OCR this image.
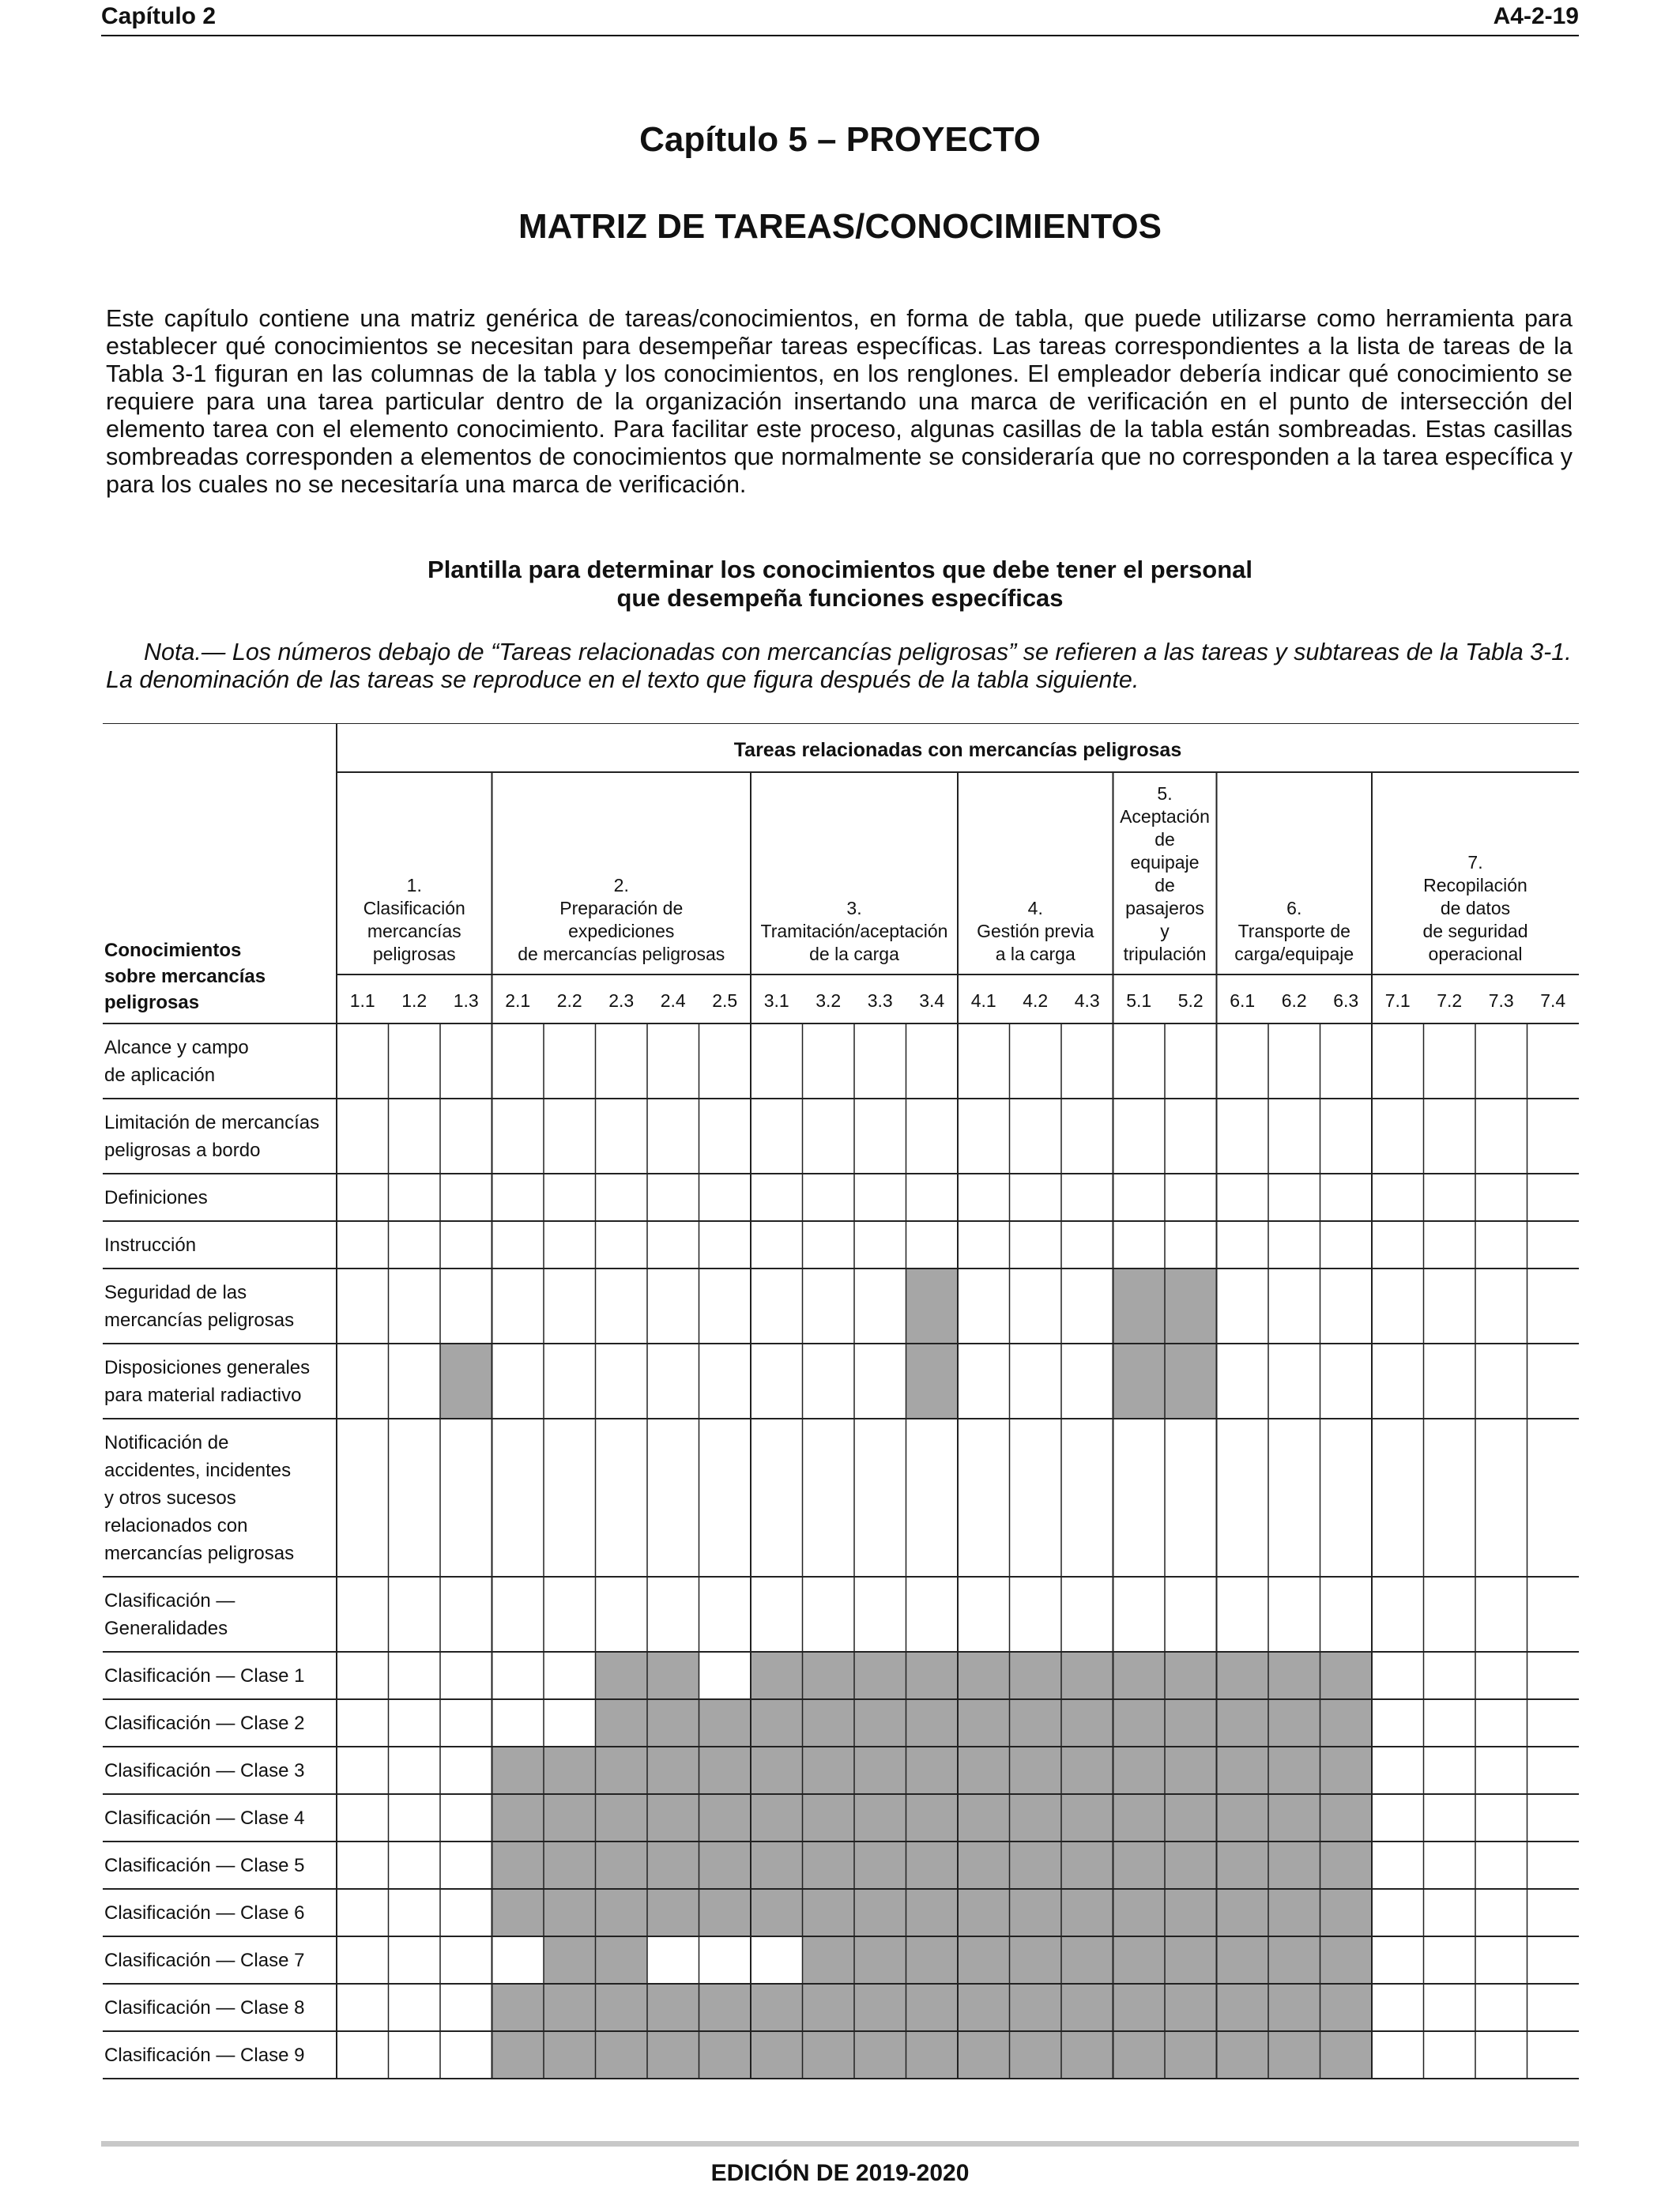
Capítulo 2	A4-2-19
Capítulo 5 – PROYECTO
MATRIZ DE TAREAS/CONOCIMIENTOS

Este capítulo contiene una matriz genérica de tareas/conocimientos, en forma de tabla, que puede utilizarse como herramienta para establecer qué conocimientos se necesitan para desempeñar tareas específicas. Las tareas correspondientes a la lista de tareas de la Tabla 3-1 figuran en las columnas de la tabla y los conocimientos, en los renglones. El empleador debería indicar qué conocimiento se requiere para una tarea particular dentro de la organización insertando una marca de verificación en el punto de intersección del elemento tarea con el elemento conocimiento. Para facilitar este proceso, algunas casillas de la tabla están sombreadas. Estas casillas sombreadas corresponden a elementos de conocimientos que normalmente se consideraría que no corresponden a la tarea específica y para los cuales no se necesitaría una marca de verificación.

Plantilla para determinar los conocimientos que debe tener el personal
que desempeña funciones específicas

Nota.— Los números debajo de “Tareas relacionadas con mercancías peligrosas” se refieren a las tareas y subtareas de la Tabla 3-1. La denominación de las tareas se reproduce en el texto que figura después de la tabla siguiente.

Tareas relacionadas con mercancías peligrosas
1.
Clasificación
mercancías
peligrosas
2.
Preparación de
expediciones
de mercancías peligrosas
3.
Tramitación/aceptación
de la carga
4.
Gestión previa
a la carga
5.
Aceptación
de
equipaje
de
pasajeros
y
tripulación
6.
Transporte de
carga/equipaje
7.
Recopilación
de datos
de seguridad
operacional
1.1 1.2 1.3 2.1 2.2 2.3 2.4 2.5 3.1 3.2 3.3 3.4 4.1 4.2 4.3 5.1 5.2 6.1 6.2 6.3 7.1 7.2 7.3 7.4
Conocimientos
sobre mercancías
peligrosas
Alcance y campo
de aplicación
Limitación de mercancías
peligrosas a bordo
Definiciones
Instrucción
Seguridad de las
mercancías peligrosas
Disposiciones generales
para material radiactivo
Notificación de
accidentes, incidentes
y otros sucesos
relacionados con
mercancías peligrosas
Clasificación —
Generalidades
Clasificación — Clase 1
Clasificación — Clase 2
Clasificación — Clase 3
Clasificación — Clase 4
Clasificación — Clase 5
Clasificación — Clase 6
Clasificación — Clase 7
Clasificación — Clase 8
Clasificación — Clase 9
EDICIÓN DE 2019-2020
